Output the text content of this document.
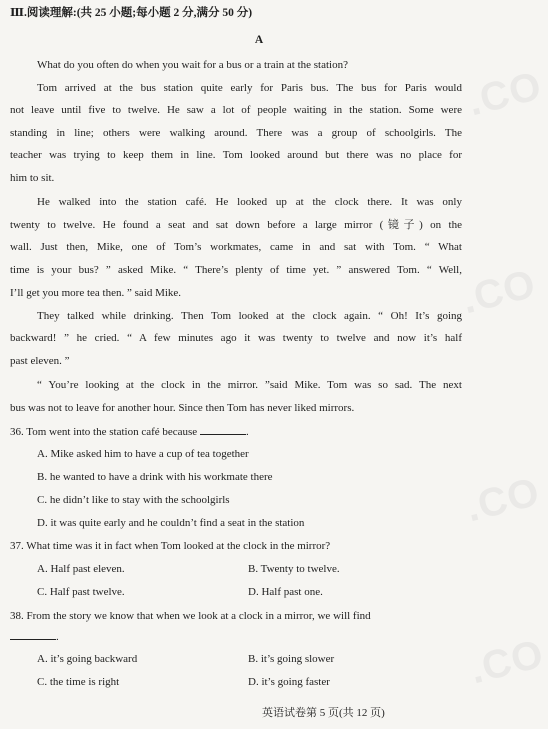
.CO
.CO
.CO
.CO
Ⅲ.阅读理解:(共 25 小题;每小题 2 分,满分 50 分)
A
What do you often do when you wait for a bus or a train at the station?
Tom arrived at the bus station quite early for Paris bus. The bus for Paris would
not leave until five to twelve. He saw a lot of people waiting in the station. Some were
standing in line; others were walking around. There was a group of schoolgirls. The
teacher was trying to keep them in line. Tom looked around but there was no place for
him to sit.
He walked into the station café. He looked up at the clock there. It was only
twenty to twelve. He found a seat and sat down before a large mirror (镜子) on the
wall. Just then, Mike, one of Tom’s workmates, came in and sat with Tom. “ What
time is your bus? ” asked Mike. “ There’s plenty of time yet. ” answered Tom. “ Well,
I’ll get you more tea then. ” said Mike.
They talked while drinking. Then Tom looked at the clock again. “ Oh! It’s going
backward! ” he cried. “ A few minutes ago it was twenty to twelve and now it’s half
past eleven. ”
“ You’re looking at the clock in the mirror. ”said Mike. Tom was so sad. The next
bus was not to leave for another hour. Since then Tom has never liked mirrors.
36. Tom went into the station café because	.
A. Mike asked him to have a cup of tea together
B. he wanted to have a drink with his workmate there
C. he didn’t like to stay with the schoolgirls
D. it was quite early and he couldn’t find a seat in the station
37. What time was it in fact when Tom looked at the clock in the mirror?
A. Half past eleven.	B. Twenty to twelve.
C. Half past twelve.	D. Half past one.
38. From the story we know that when we look at a clock in a mirror, we will find
.
A. it’s going backward	B. it’s going slower
C. the time is right	D. it’s going faster
英语试卷第 5 页(共 12 页)
